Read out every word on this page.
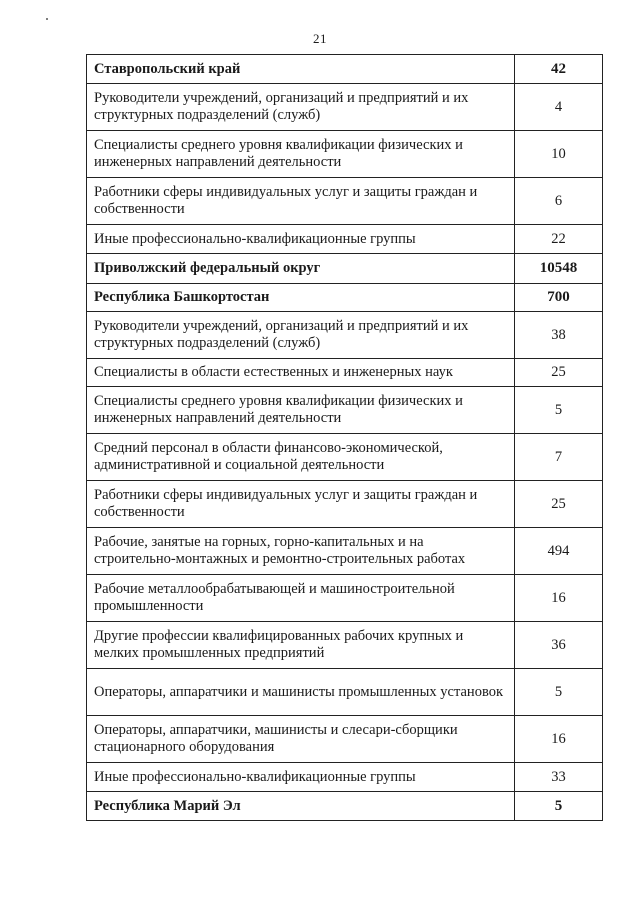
21
Ставропольский край	42
Руководители учреждений, организаций и предприятий и их структурных подразделений (служб)	4
Специалисты среднего уровня квалификации физических и инженерных направлений деятельности	10
Работники сферы индивидуальных услуг и защиты граждан и собственности	6
Иные профессионально-квалификационные группы	22
Приволжский федеральный округ	10548
Республика Башкортостан	700
Руководители учреждений, организаций и предприятий и их структурных подразделений (служб)	38
Специалисты в области естественных и инженерных наук	25
Специалисты среднего уровня квалификации физических и инженерных направлений деятельности	5
Средний персонал в области финансово-экономической, административной и социальной деятельности	7
Работники сферы индивидуальных услуг и защиты граждан и собственности	25
Рабочие, занятые на горных, горно-капитальных и на строительно-монтажных и ремонтно-строительных работах	494
Рабочие металлообрабатывающей и машиностроительной промышленности	16
Другие профессии квалифицированных рабочих крупных и мелких промышленных предприятий	36
Операторы, аппаратчики и машинисты промышленных установок	5
Операторы, аппаратчики, машинисты и слесари-сборщики стационарного оборудования	16
Иные профессионально-квалификационные группы	33
Республика Марий Эл	5
